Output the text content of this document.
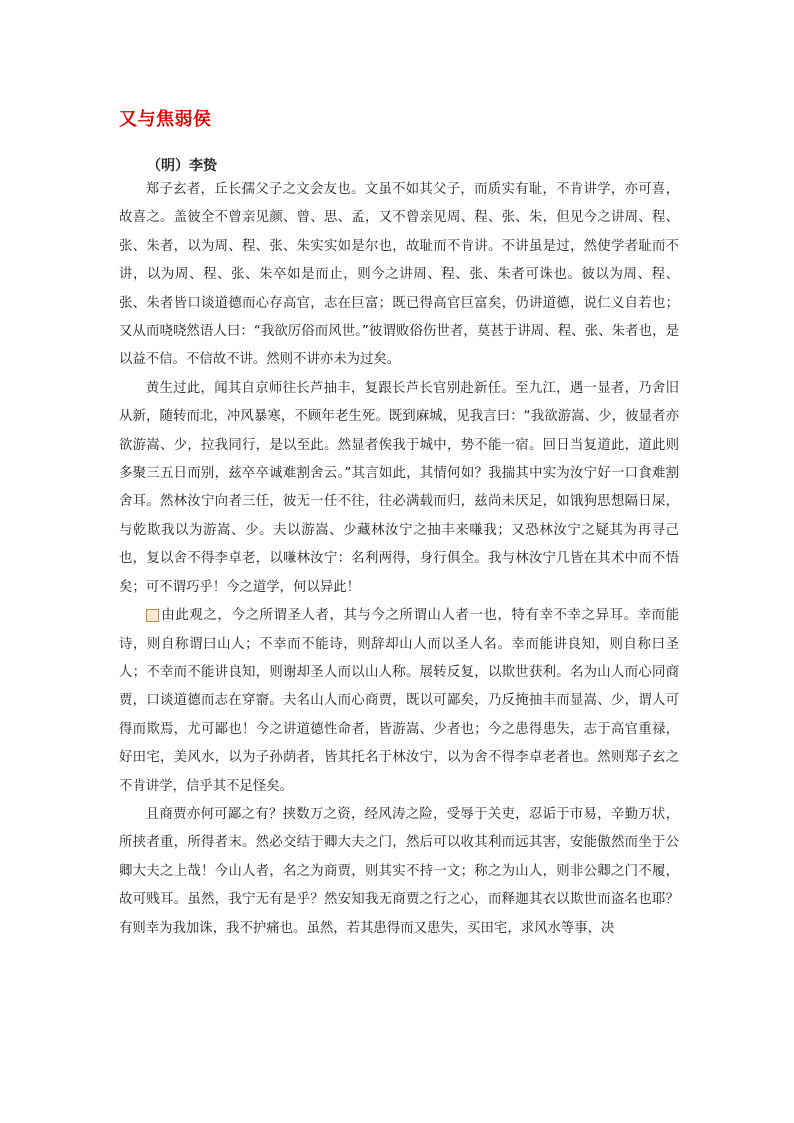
又与焦弱侯
（明）李贽

郑子玄者，丘长孺父子之文会友也。文虽不如其父子，而质实有耻，不肯讲学，亦可喜，故喜之。盖彼全不曾亲见颜、曾、思、孟，又不曾亲见周、程、张、朱，但见今之讲周、程、张、朱者，以为周、程、张、朱实实如是尔也，故耻而不肯讲。不讲虽是过，然使学者耻而不讲，以为周、程、张、朱卒如是而止，则今之讲周、程、张、朱者可诛也。彼以为周、程、张、朱者皆口谈道德而心存高官，志在巨富；既已得高官巨富矣，仍讲道德，说仁义自若也；又从而哓哓然语人曰：“我欲厉俗而风世。”彼谓败俗伤世者，莫甚于讲周、程、张、朱者也，是以益不信。不信故不讲。然则不讲亦未为过矣。

黄生过此，闻其自京师往长芦抽丰，复跟长芦长官别赴新任。至九江，遇一显者，乃舍旧从新，随转而北，冲风暴寒，不顾年老生死。既到麻城，见我言曰：“我欲游嵩、少，彼显者亦欲游嵩、少，拉我同行，是以至此。然显者俟我于城中，势不能一宿。回日当复道此，道此则多聚三五日而别，兹卒卒诚难割舍云。”其言如此，其情何如？我揣其中实为汝宁好一口食难割舍耳。然林汝宁向者三任，彼无一任不往，往必满载而归，兹尚未厌足，如饿狗思想隔日屎，与乾欺我以为游嵩、少。夫以游嵩、少藏林汝宁之抽丰来嗛我；又恐林汝宁之疑其为再寻己也，复以舍不得李卓老，以嗛林汝宁：名利两得，身行俱全。我与林汝宁几皆在其术中而不悟矣；可不谓巧乎！今之道学，何以异此！

由此观之，今之所谓圣人者，其与今之所谓山人者一也，特有幸不幸之异耳。幸而能诗，则自称谓曰山人；不幸而不能诗，则辞却山人而以圣人名。幸而能讲良知，则自称曰圣人；不幸而不能讲良知，则谢却圣人而以山人称。展转反复，以欺世获利。名为山人而心同商贾，口谈道德而志在穿窬。夫名山人而心商贾，既以可鄙矣，乃反掩抽丰而显嵩、少，谓人可得而欺焉，尤可鄙也！今之讲道德性命者，皆游嵩、少者也；今之患得患失，志于高官重禄，好田宅，美风水，以为子孙荫者，皆其托名于林汝宁，以为舍不得李卓老者也。然则郑子玄之不肯讲学，信乎其不足怪矣。

且商贾亦何可鄙之有？挟数万之资，经风涛之险，受辱于关吏，忍诟于市易，辛勤万状，所挟者重，所得者末。然必交结于卿大夫之门，然后可以收其利而远其害，安能傲然而坐于公卿大夫之上哉！今山人者，名之为商贾，则其实不持一文；称之为山人，则非公卿之门不履，故可贱耳。虽然，我宁无有是乎？然安知我无商贾之行之心，而释迦其衣以欺世而盗名也耶？有则幸为我加诛，我不护痛也。虽然，若其患得而又患失，买田宅，求风水等事，决
